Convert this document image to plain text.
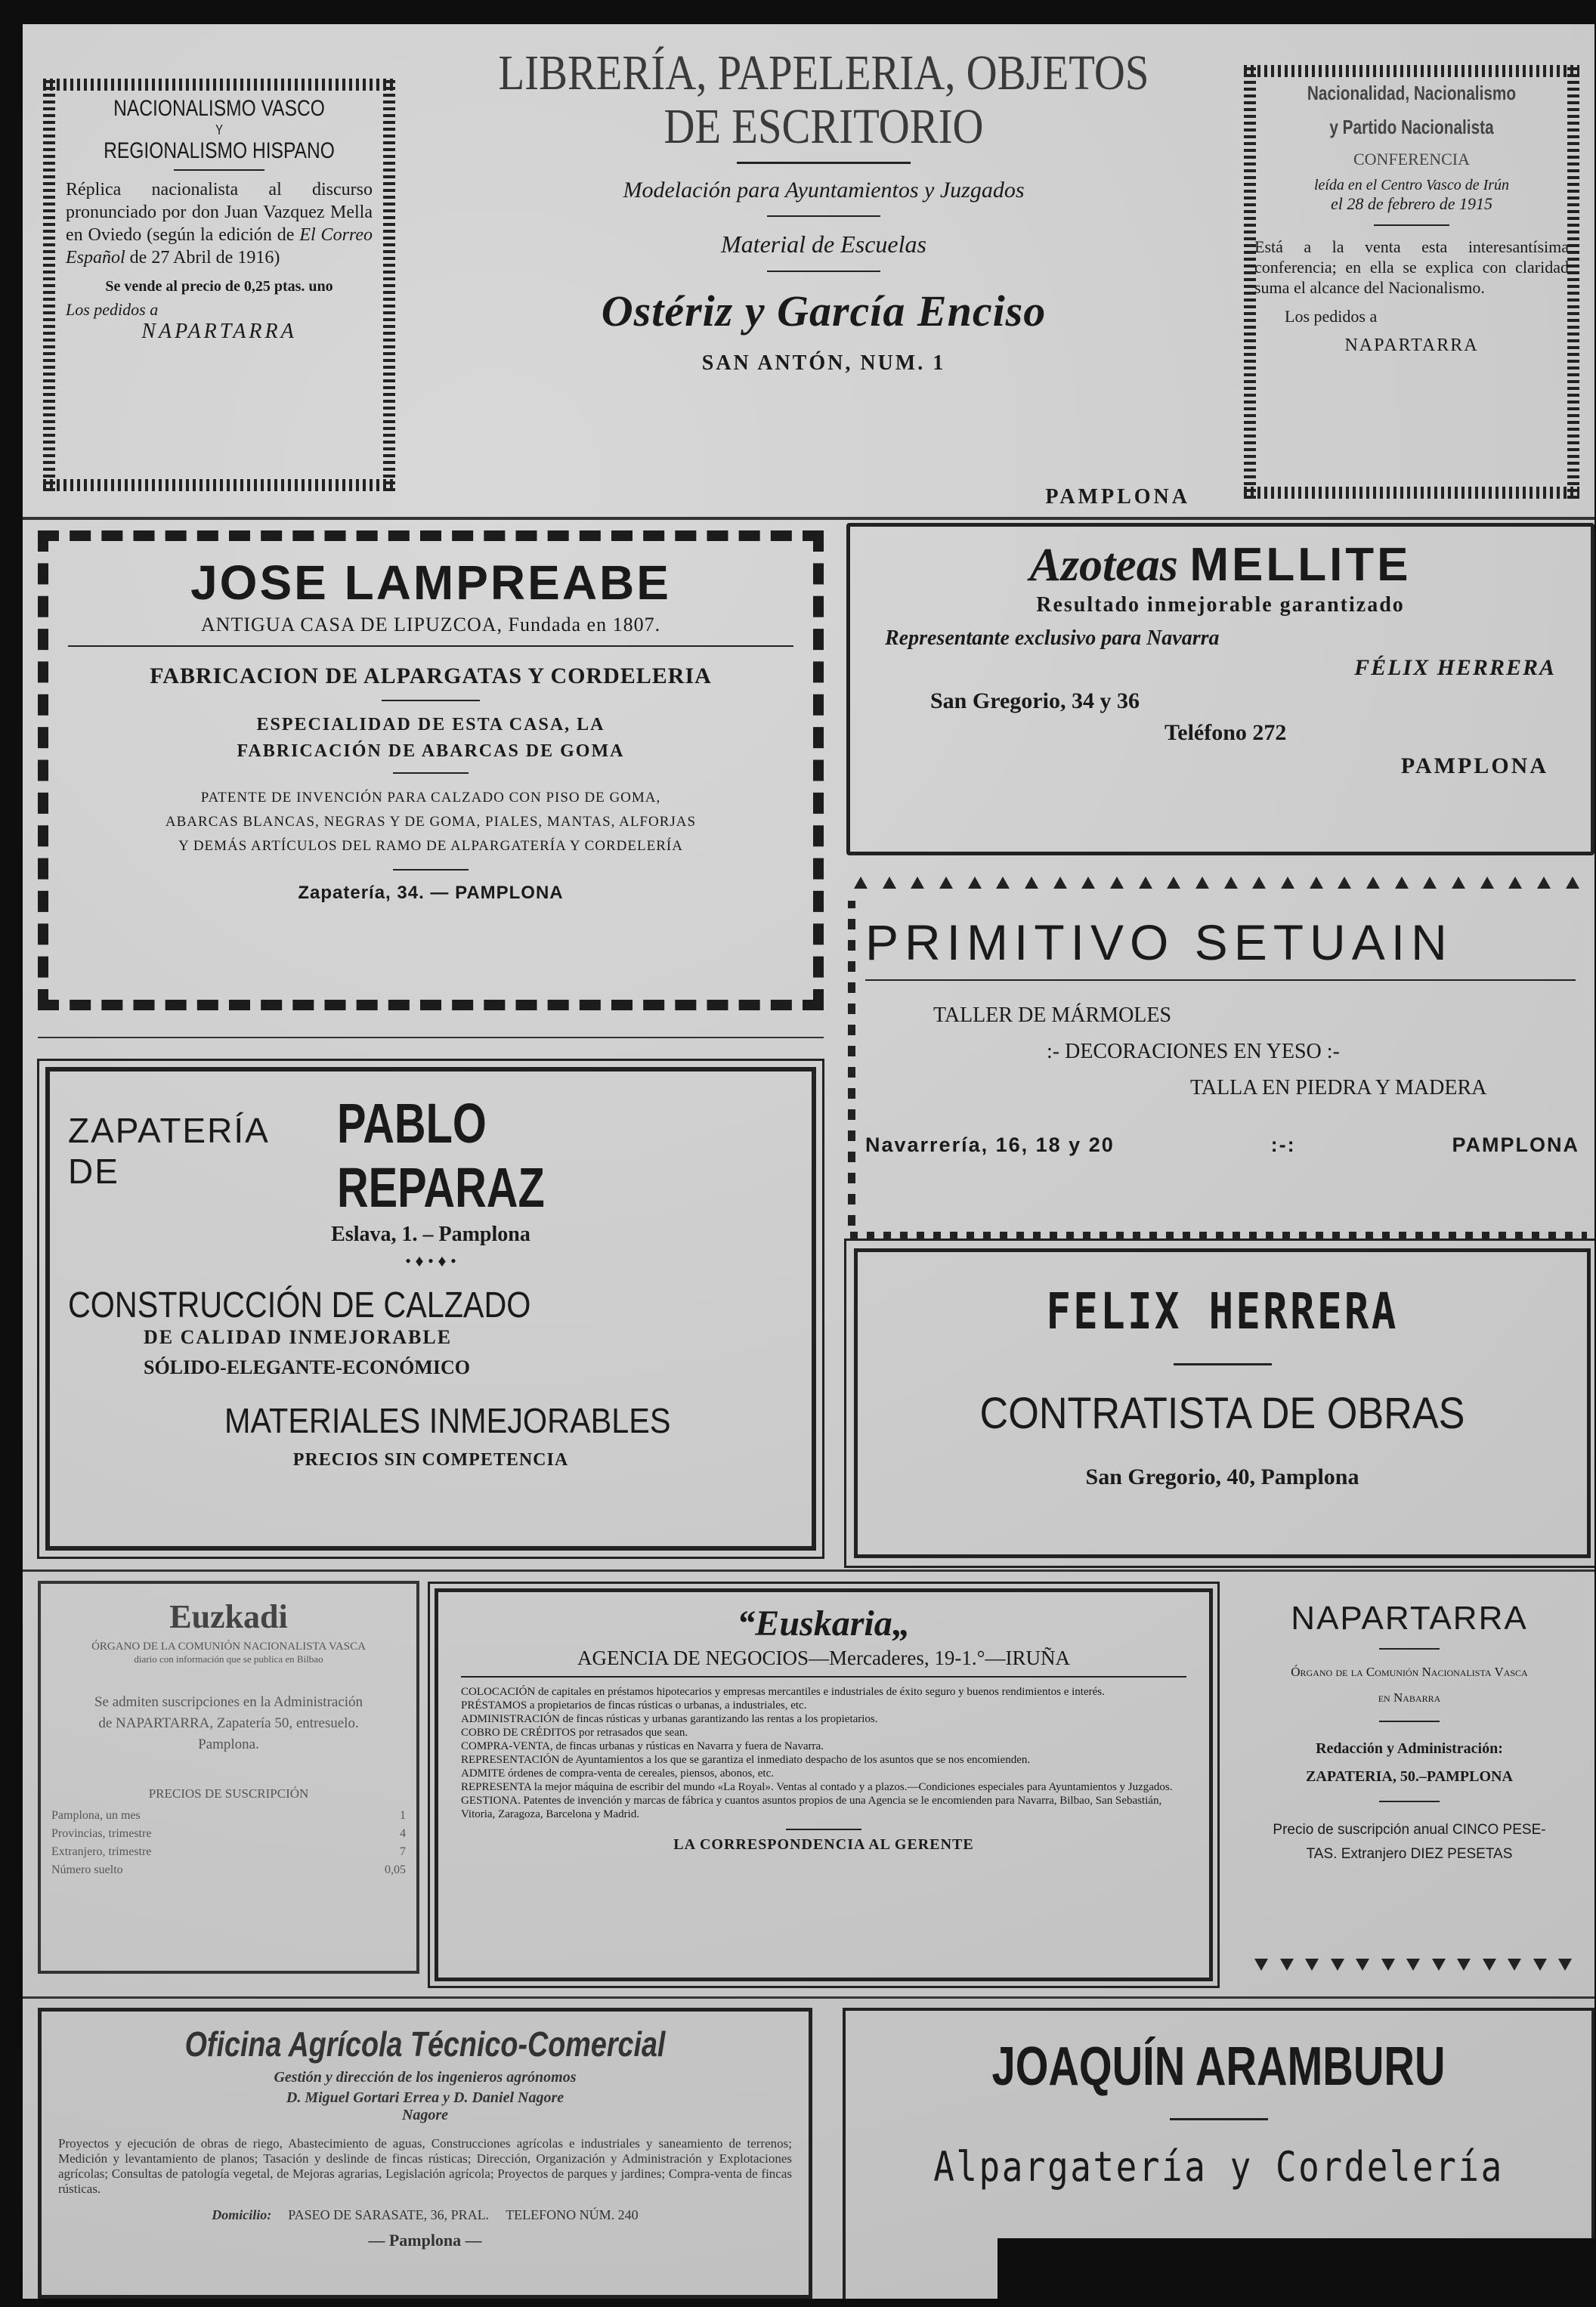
NACIONALISMO VASCO

Y

REGIONALISMO HISPANO

Réplica nacionalista al discurso pronunciado por don Juan Vazquez Mella en Oviedo (según la edición de El Correo Español de 27 Abril de 1916)

Se vende al precio de 0,25 ptas. uno

Los pedidos a

NAPARTARRA

LIBRERÍA, PAPELERIA, OBJETOS

DE ESCRITORIO

Modelación para Ayuntamientos y Juzgados

Material de Escuelas

Ostériz y García Enciso

SAN ANTÓN, NUM. 1

PAMPLONA

Nacionalidad, Nacionalismo

y Partido Nacionalista

CONFERENCIA

leída en el Centro Vasco de Irún

el 28 de febrero de 1915

Está a la venta esta interesantísima conferencia; en ella se explica con claridad suma el alcance del Nacionalismo.

Los pedidos a

NAPARTARRA

JOSE LAMPREABE

ANTIGUA CASA DE LIPUZCOA, Fundada en 1807.

FABRICACION DE ALPARGATAS Y CORDELERIA

ESPECIALIDAD DE ESTA CASA, LA

FABRICACIÓN DE ABARCAS DE GOMA

PATENTE DE INVENCIÓN PARA CALZADO CON PISO DE GOMA,

ABARCAS BLANCAS, NEGRAS Y DE GOMA, PIALES, MANTAS, ALFORJAS

Y DEMÁS ARTÍCULOS DEL RAMO DE ALPARGATERÍA Y CORDELERÍA

Zapatería, 34. — PAMPLONA

Azoteas MELLITE

Resultado inmejorable garantizado

Representante exclusivo para Navarra

FÉLIX HERRERA

San Gregorio, 34 y 36

Teléfono 272

PAMPLONA

PRIMITIVO SETUAIN

TALLER DE MÁRMOLES

:- DECORACIONES EN YESO :-

TALLA EN PIEDRA Y MADERA

Navarrería, 16, 18 y 20	:-:	PAMPLONA
ZAPATERÍA DE
PABLO REPARAZ

Eslava, 1. – Pamplona

• ♦ • ♦ •

CONSTRUCCIÓN DE CALZADO

DE CALIDAD INMEJORABLE

SÓLIDO-ELEGANTE-ECONÓMICO

MATERIALES INMEJORABLES

PRECIOS SIN COMPETENCIA

FELIX HERRERA

CONTRATISTA DE OBRAS

San Gregorio, 40, Pamplona

Euzkadi

ÓRGANO DE LA COMUNIÓN NACIONALISTA VASCA

diario con información que se publica en Bilbao

Se admiten suscripciones en la Administración

de NAPARTARRA, Zapatería 50, entresuelo.

Pamplona.

PRECIOS DE SUSCRIPCIÓN

Pamplona, un mes	1
Provincias, trimestre	4
Extranjero, trimestre	7
Número suelto	0,05

“Euskaria„

AGENCIA DE NEGOCIOS—Mercaderes, 19-1.°—IRUÑA

COLOCACIÓN de capitales en préstamos hipotecarios y empresas mercantiles e industriales de éxito seguro y buenos rendimientos e interés.

PRÉSTAMOS a propietarios de fincas rústicas o urbanas, a industriales, etc.

ADMINISTRACIÓN de fincas rústicas y urbanas garantizando las rentas a los propietarios.

COBRO DE CRÉDITOS por retrasados que sean.

COMPRA-VENTA, de fincas urbanas y rústicas en Navarra y fuera de Navarra.

REPRESENTACIÓN de Ayuntamientos a los que se garantiza el inmediato despacho de los asuntos que se nos encomienden.

ADMITE órdenes de compra-venta de cereales, piensos, abonos, etc.

REPRESENTA la mejor máquina de escribir del mundo «La Royal». Ventas al contado y a plazos.—Condiciones especiales para Ayuntamientos y Juzgados.

GESTIONA. Patentes de invención y marcas de fábrica y cuantos asuntos propios de una Agencia se le encomienden para Navarra, Bilbao, San Sebastián, Vitoria, Zaragoza, Barcelona y Madrid.

LA CORRESPONDENCIA AL GERENTE

NAPARTARRA

Órgano de la Comunión Nacionalista Vasca

en Nabarra

Redacción y Administración:

ZAPATERIA, 50.–PAMPLONA

Precio de suscripción anual CINCO PESE-

TAS. Extranjero DIEZ PESETAS

Oficina Agrícola Técnico-Comercial

Gestión y dirección de los ingenieros agrónomos

D. Miguel Gortari Errea y D. Daniel Nagore

Nagore

Proyectos y ejecución de obras de riego, Abastecimiento de aguas, Construcciones agrícolas e industriales y saneamiento de terrenos; Medición y levantamiento de planos; Tasación y deslinde de fincas rústicas; Dirección, Organización y Administración y Explotaciones agrícolas; Consultas de patología vegetal, de Mejoras agrarias, Legislación agrícola; Proyectos de parques y jardines; Compra-venta de fincas rústicas.

Domicilio: PASEO DE SARASATE, 36, PRAL. TELEFONO NÚM. 240

— Pamplona —

JOAQUÍN ARAMBURU

Alpargatería y Cordelería
